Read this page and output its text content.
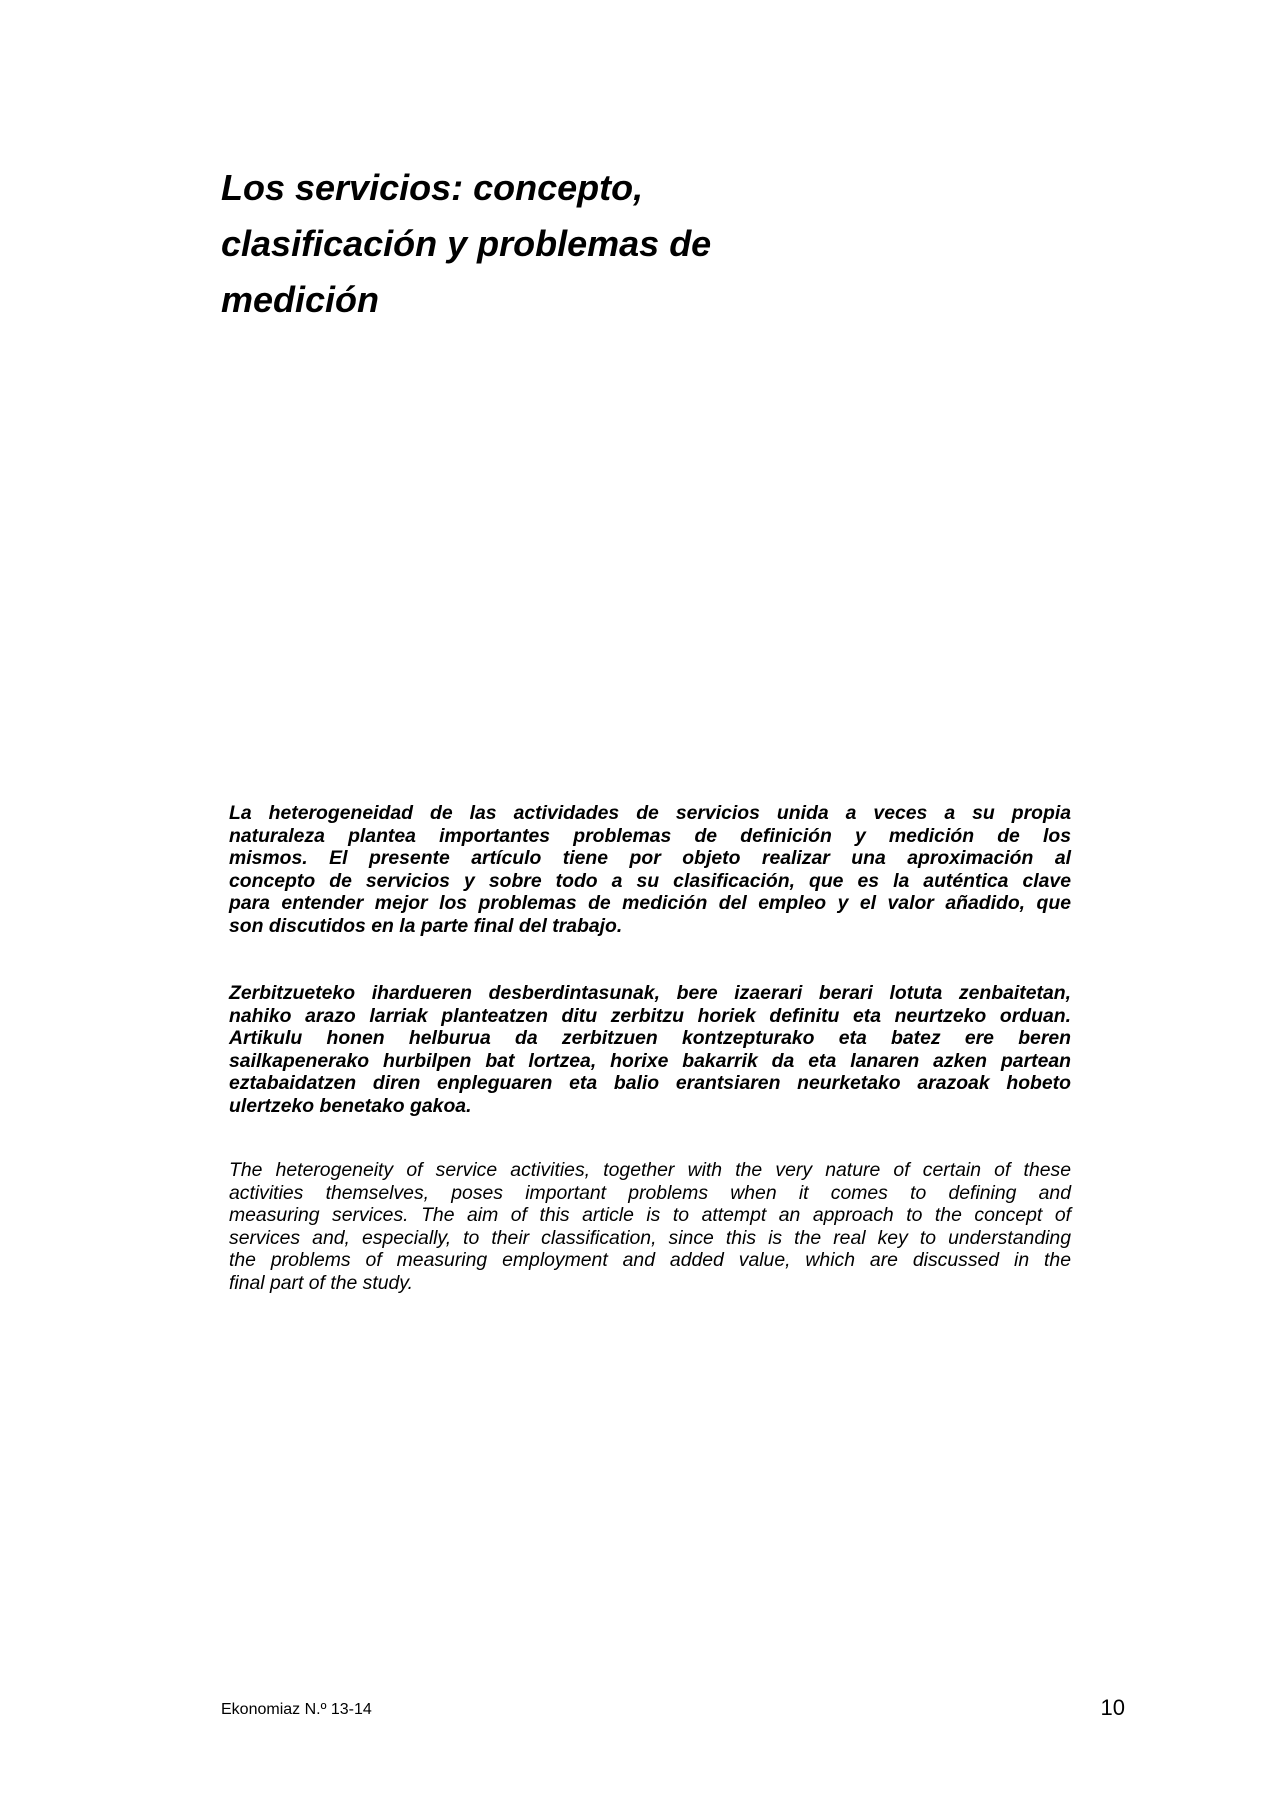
Los servicios: concepto,
clasificación y problemas de
medición
La heterogeneidad de las actividades de servicios unida a veces a su propia
naturaleza plantea importantes problemas de definición y medición de los
mismos. El presente artículo tiene por objeto realizar una aproximación al
concepto de servicios y sobre todo a su clasificación, que es la auténtica clave
para entender mejor los problemas de medición del empleo y el valor añadido, que
son discutidos en la parte final del trabajo.
Zerbitzueteko ihardueren desberdintasunak, bere izaerari berari lotuta zenbaitetan,
nahiko arazo larriak planteatzen ditu zerbitzu horiek definitu eta neurtzeko orduan.
Artikulu honen helburua da zerbitzuen kontzepturako eta batez ere beren
sailkapenerako hurbilpen bat lortzea, horixe bakarrik da eta lanaren azken partean
eztabaidatzen diren enpleguaren eta balio erantsiaren neurketako arazoak hobeto
ulertzeko benetako gakoa.
The heterogeneity of service activities, together with the very nature of certain of these
activities themselves, poses important problems when it comes to defining and
measuring services. The aim of this article is to attempt an approach to the concept of
services and, especially, to their classification, since this is the real key to understanding
the problems of measuring employment and added value, which are discussed in the
final part of the study.
Ekonomiaz N.º 13-14	10
